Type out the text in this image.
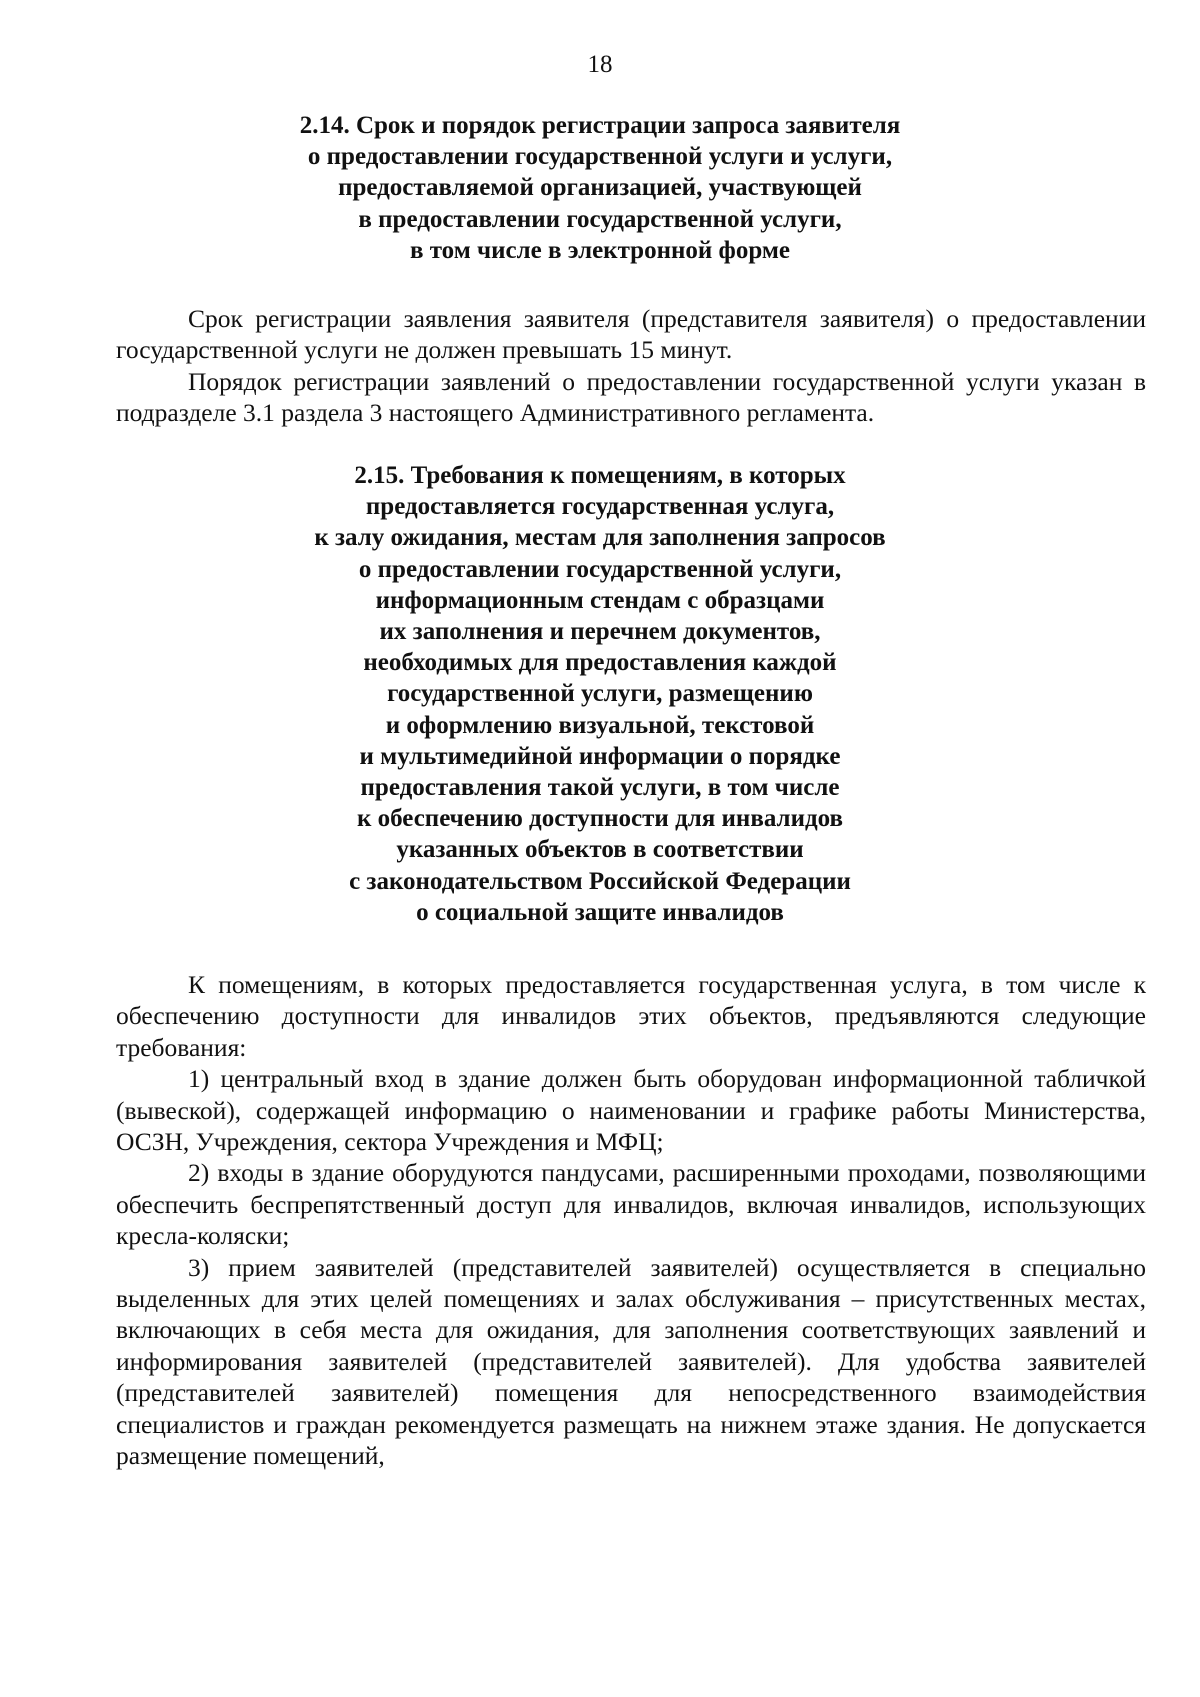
18
2.14. Срок и порядок регистрации запроса заявителя
о предоставлении государственной услуги и услуги,
предоставляемой организацией, участвующей
в предоставлении государственной услуги,
в том числе в электронной форме

Срок регистрации заявления заявителя (представителя заявителя) о предоставлении государственной услуги не должен превышать 15 минут.

Порядок регистрации заявлений о предоставлении государственной услуги указан в подразделе 3.1 раздела 3 настоящего Административного регламента.

2.15. Требования к помещениям, в которых
предоставляется государственная услуга,
к залу ожидания, местам для заполнения запросов
о предоставлении государственной услуги,
информационным стендам с образцами
их заполнения и перечнем документов,
необходимых для предоставления каждой
государственной услуги, размещению
и оформлению визуальной, текстовой
и мультимедийной информации о порядке
предоставления такой услуги, в том числе
к обеспечению доступности для инвалидов
указанных объектов в соответствии
с законодательством Российской Федерации
о социальной защите инвалидов

К помещениям, в которых предоставляется государственная услуга, в том числе к обеспечению доступности для инвалидов этих объектов, предъявляются следующие требования:

1) центральный вход в здание должен быть оборудован информационной табличкой (вывеской), содержащей информацию о наименовании и графике работы Министерства, ОСЗН, Учреждения, сектора Учреждения и МФЦ;

2) входы в здание оборудуются пандусами, расширенными проходами, позволяющими обеспечить беспрепятственный доступ для инвалидов, включая инвалидов, использующих кресла-коляски;

3) прием заявителей (представителей заявителей) осуществляется в специально выделенных для этих целей помещениях и залах обслуживания – присутственных местах, включающих в себя места для ожидания, для заполнения соответствующих заявлений и информирования заявителей (представителей заявителей). Для удобства заявителей (представителей заявителей) помещения для непосредственного взаимодействия специалистов и граждан рекомендуется размещать на нижнем этаже здания. Не допускается размещение помещений,
